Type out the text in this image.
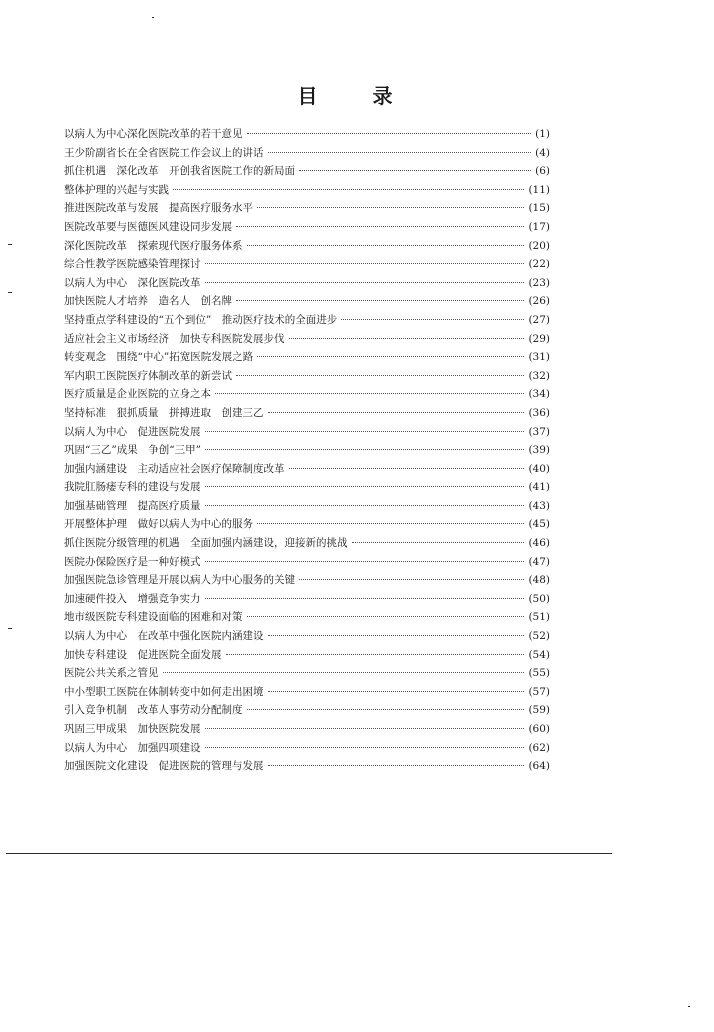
目 录
以病人为中心深化医院改革的若干意见	(1)
王少阶副省长在全省医院工作会议上的讲话	(4)
抓住机遇　深化改革　开创我省医院工作的新局面	(6)
整体护理的兴起与实践	(11)
推进医院改革与发展　提高医疗服务水平	(15)
医院改革要与医德医风建设同步发展	(17)
深化医院改革　探索现代医疗服务体系	(20)
综合性教学医院感染管理探讨	(22)
以病人为中心　深化医院改革	(23)
加快医院人才培养　造名人　创名牌	(26)
坚持重点学科建设的“五个到位”　推动医疗技术的全面进步	(27)
适应社会主义市场经济　加快专科医院发展步伐	(29)
转变观念　围绕“中心”拓宽医院发展之路	(31)
军内职工医院医疗体制改革的新尝试	(32)
医疗质量是企业医院的立身之本	(34)
坚持标准　狠抓质量　拼搏进取　创建三乙	(36)
以病人为中心　促进医院发展	(37)
巩固“三乙”成果　争创“三甲”	(39)
加强内涵建设　主动适应社会医疗保障制度改革	(40)
我院肛肠痿专科的建设与发展	(41)
加强基础管理　提高医疗质量	(43)
开展整体护理　做好以病人为中心的服务	(45)
抓住医院分级管理的机遇　全面加强内涵建设，迎接新的挑战	(46)
医院办保险医疗是一种好模式	(47)
加强医院急诊管理是开展以病人为中心服务的关键	(48)
加速硬件投入　增强竞争实力	(50)
地市级医院专科建设面临的困难和对策	(51)
以病人为中心　在改革中强化医院内涵建设	(52)
加快专科建设　促进医院全面发展	(54)
医院公共关系之管见	(55)
中小型职工医院在体制转变中如何走出困境	(57)
引入竞争机制　改革人事劳动分配制度	(59)
巩固三甲成果　加快医院发展	(60)
以病人为中心　加强四项建设	(62)
加强医院文化建设　促进医院的管理与发展	(64)
